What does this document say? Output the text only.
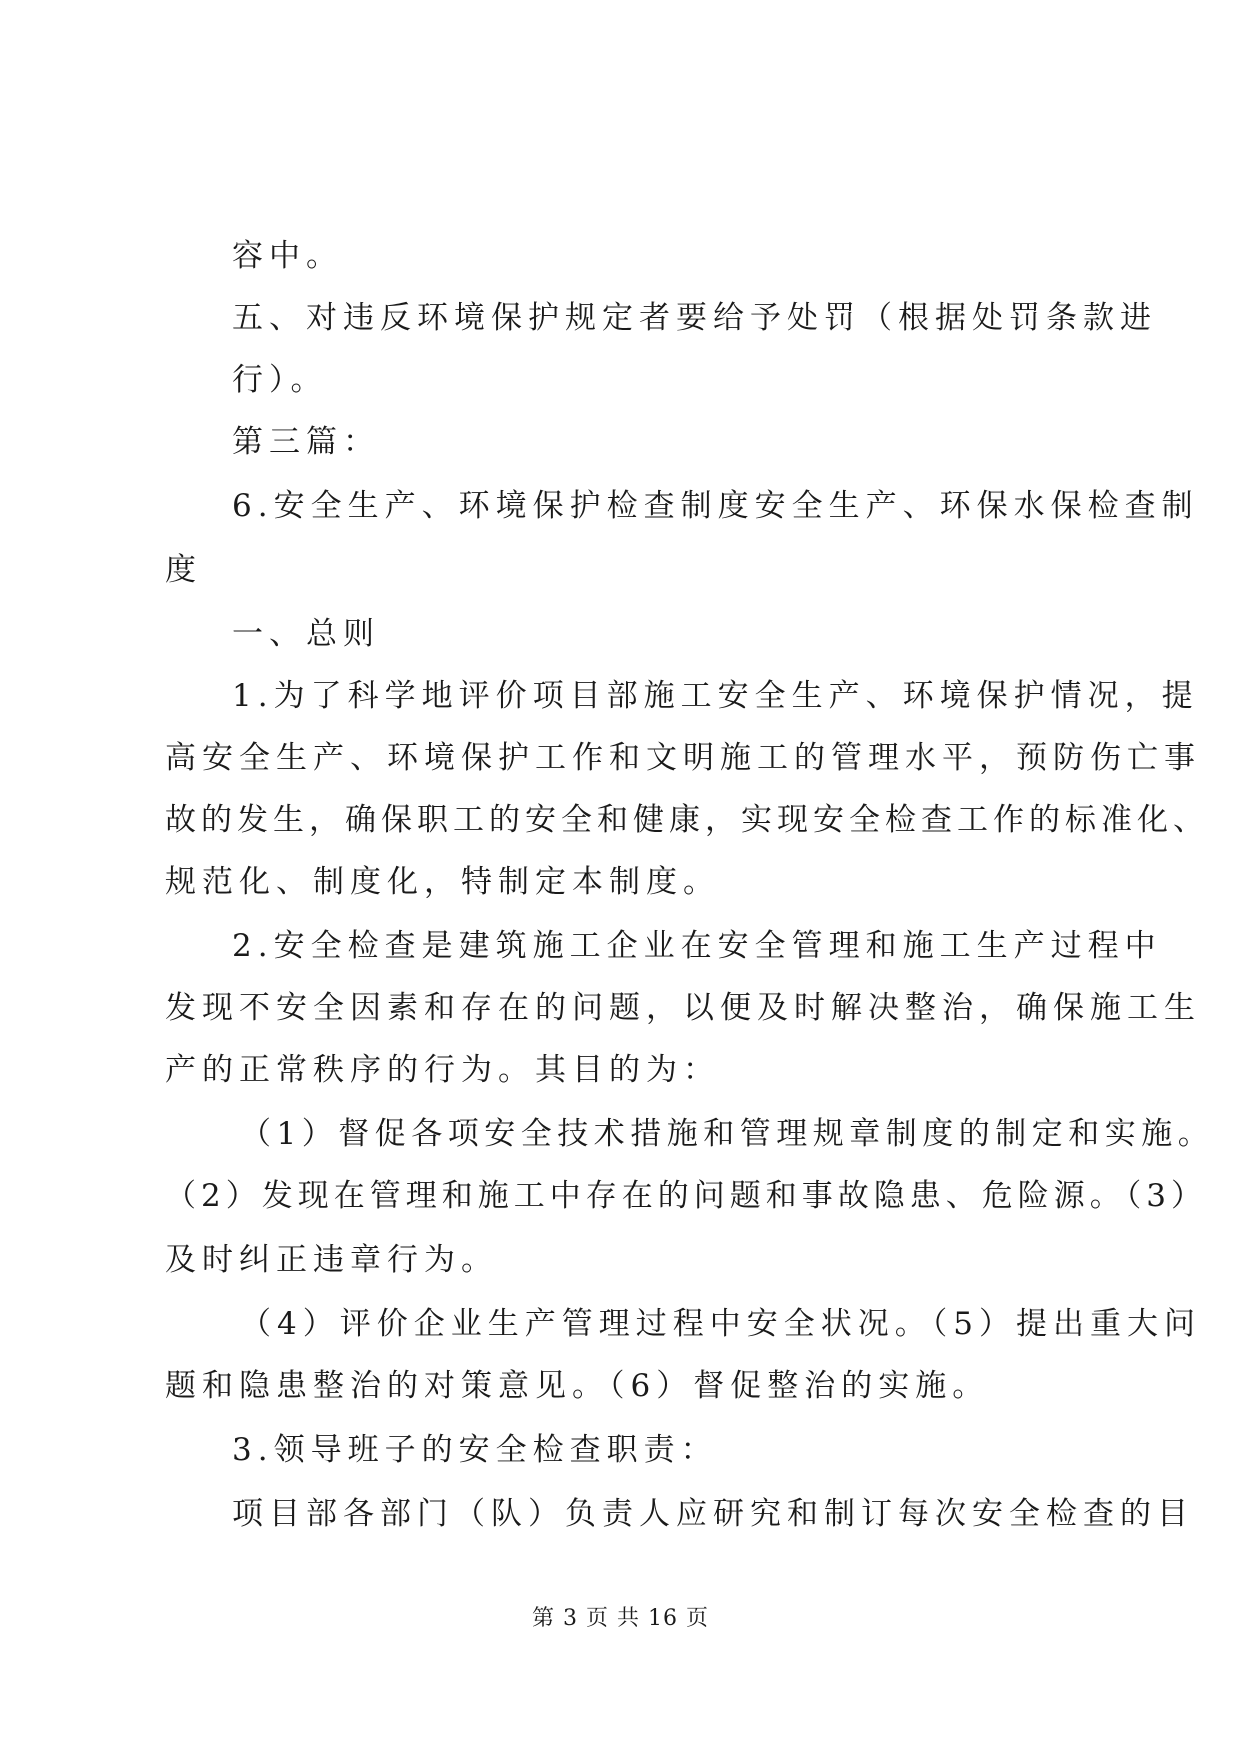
容中。
五、对违反环境保护规定者要给予处罚（根据处罚条款进
行）。
第三篇：
6.安全生产、环境保护检查制度安全生产、环保水保检查制
度
一、总则
1.为了科学地评价项目部施工安全生产、环境保护情况，提
高安全生产、环境保护工作和文明施工的管理水平，预防伤亡事
故的发生，确保职工的安全和健康，实现安全检查工作的标准化、
规范化、制度化，特制定本制度。
2.安全检查是建筑施工企业在安全管理和施工生产过程中
发现不安全因素和存在的问题，以便及时解决整治，确保施工生
产的正常秩序的行为。其目的为：
（1）督促各项安全技术措施和管理规章制度的制定和实施。
（2）发现在管理和施工中存在的问题和事故隐患、危险源。（3）
及时纠正违章行为。
（4）评价企业生产管理过程中安全状况。（5）提出重大问
题和隐患整治的对策意见。（6）督促整治的实施。
3.领导班子的安全检查职责：
项目部各部门（队）负责人应研究和制订每次安全检查的目
第 3 页 共 16 页
